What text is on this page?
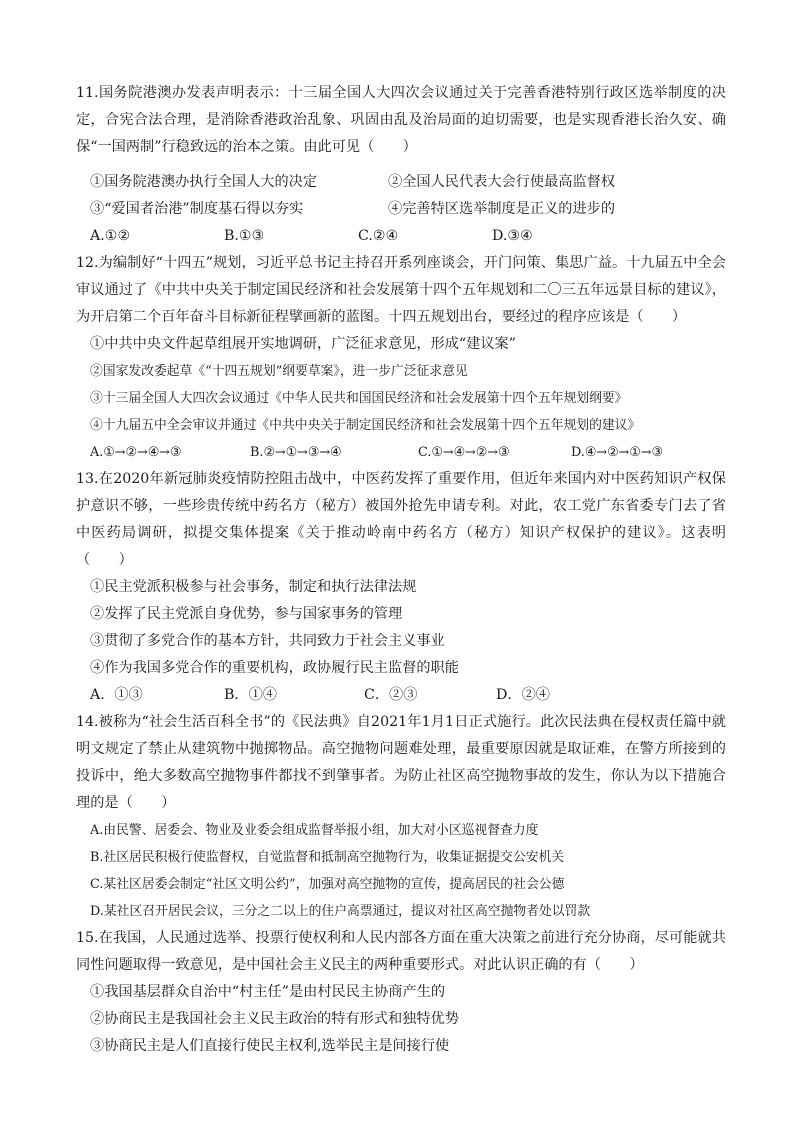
11.国务院港澳办发表声明表示：十三届全国人大四次会议通过关于完善香港特别行政区选举制度的决定，合宪合法合理，是消除香港政治乱象、巩固由乱及治局面的迫切需要，也是实现香港长治久安、确保“一国两制”行稳致远的治本之策。由此可见（　　）

①国务院港澳办执行全国人大的决定	②全国人民代表大会行使最高监督权
③“爱国者治港”制度基石得以夯实	④完善特区选举制度是正义的进步的
A.①②	B.①③	C.②④	D.③④

12.为编制好“十四五”规划，习近平总书记主持召开系列座谈会，开门问策、集思广益。十九届五中全会审议通过了《中共中央关于制定国民经济和社会发展第十四个五年规划和二〇三五年远景目标的建议》，为开启第二个百年奋斗目标新征程擘画新的蓝图。十四五规划出台，要经过的程序应该是（　　）

①中共中央文件起草组展开实地调研，广泛征求意见，形成“建议案”

②国家发改委起草《“十四五规划”纲要草案》，进一步广泛征求意见

③十三届全国人大四次会议通过《中华人民共和国国民经济和社会发展第十四个五年规划纲要》

④十九届五中全会审议并通过《中共中央关于制定国民经济和社会发展第十四个五年规划的建议》

A.①→②→④→③	B.②→①→③→④	C.①→④→②→③	D.④→②→①→③

13.在2020年新冠肺炎疫情防控阻击战中，中医药发挥了重要作用，但近年来国内对中医药知识产权保护意识不够，一些珍贵传统中药名方（秘方）被国外抢先申请专利。对此，农工党广东省委专门去了省中医药局调研，拟提交集体提案《关于推动岭南中药名方（秘方）知识产权保护的建议》。这表明（　　）

①民主党派积极参与社会事务，制定和执行法律法规

②发挥了民主党派自身优势，参与国家事务的管理

③贯彻了多党合作的基本方针，共同致力于社会主义事业

④作为我国多党合作的重要机构，政协履行民主监督的职能

A．①③	B．①④	C．②③	D．②④

14.被称为“社会生活百科全书”的《民法典》自2021年1月1日正式施行。此次民法典在侵权责任篇中就明文规定了禁止从建筑物中抛掷物品。高空抛物问题难处理，最重要原因就是取证难，在警方所接到的投诉中，绝大多数高空抛物事件都找不到肇事者。为防止社区高空抛物事故的发生，你认为以下措施合理的是（　　）

A.由民警、居委会、物业及业委会组成监督举报小组，加大对小区巡视督查力度

B.社区居民积极行使监督权，自觉监督和抵制高空抛物行为，收集证据提交公安机关

C.某社区居委会制定“社区文明公约”，加强对高空抛物的宣传，提高居民的社会公德

D.某社区召开居民会议，三分之二以上的住户高票通过，提议对社区高空抛物者处以罚款

15.在我国，人民通过选举、投票行使权利和人民内部各方面在重大决策之前进行充分协商，尽可能就共同性问题取得一致意见，是中国社会主义民主的两种重要形式。对此认识正确的有（　　）

①我国基层群众自治中“村主任”是由村民民主协商产生的

②协商民主是我国社会主义民主政治的特有形式和独特优势

③协商民主是人们直接行使民主权利,选举民主是间接行使
